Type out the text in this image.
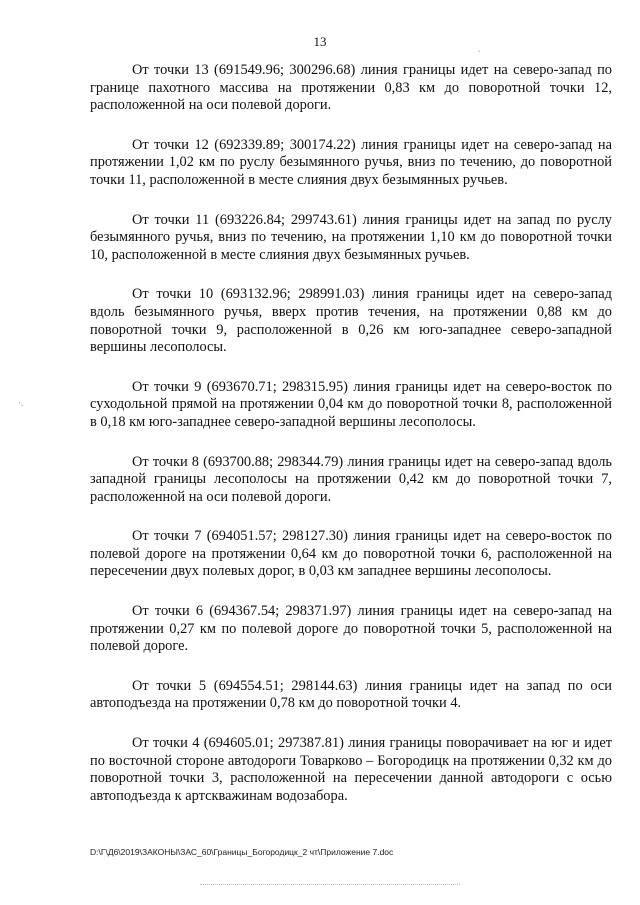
13	.
·.

От точки 13 (691549.96; 300296.68) линия границы идет на северо-запад по границе пахотного массива на протяжении 0,83 км до поворотной точки 12, расположенной на оси полевой дороги.

От точки 12 (692339.89; 300174.22) линия границы идет на северо-запад на протяжении 1,02 км по руслу безымянного ручья, вниз по течению, до поворотной точки 11, расположенной в месте слияния двух безымянных ручьев.

От точки 11 (693226.84; 299743.61) линия границы идет на запад по руслу безымянного ручья, вниз по течению, на протяжении 1,10 км до поворотной точки 10, расположенной в месте слияния двух безымянных ручьев.

От точки 10 (693132.96; 298991.03) линия границы идет на северо-запад вдоль безымянного ручья, вверх против течения, на протяжении 0,88 км до поворотной точки 9, расположенной в 0,26 км юго-западнее северо-западной вершины лесополосы.

От точки 9 (693670.71; 298315.95) линия границы идет на северо-восток по суходольной прямой на протяжении 0,04 км до поворотной точки 8, расположенной в 0,18 км юго-западнее северо-западной вершины лесополосы.

От точки 8 (693700.88; 298344.79) линия границы идет на северо-запад вдоль западной границы лесополосы на протяжении 0,42 км до поворотной точки 7, расположенной на оси полевой дороги.

От точки 7 (694051.57; 298127.30) линия границы идет на северо-восток по полевой дороге на протяжении 0,64 км до поворотной точки 6, расположенной на пересечении двух полевых дорог, в 0,03 км западнее вершины лесополосы.

От точки 6 (694367.54; 298371.97) линия границы идет на северо-запад на протяжении 0,27 км по полевой дороге до поворотной точки 5, расположенной на полевой дороге.

От точки 5 (694554.51; 298144.63) линия границы идет на запад по оси автоподъезда на протяжении 0,78 км до поворотной точки 4.

От точки 4 (694605.01; 297387.81) линия границы поворачивает на юг и идет по восточной стороне автодороги Товарково – Богородицк на протяжении 0,32 км до поворотной точки 3, расположенной на пересечении данной автодороги с осью автоподъезда к артскважинам водозабора.

D:\Г\Д6\2019\ЗАКОНЫ\ЗАС_60\Границы_Богородицк_2 чт\Приложение 7.doc
